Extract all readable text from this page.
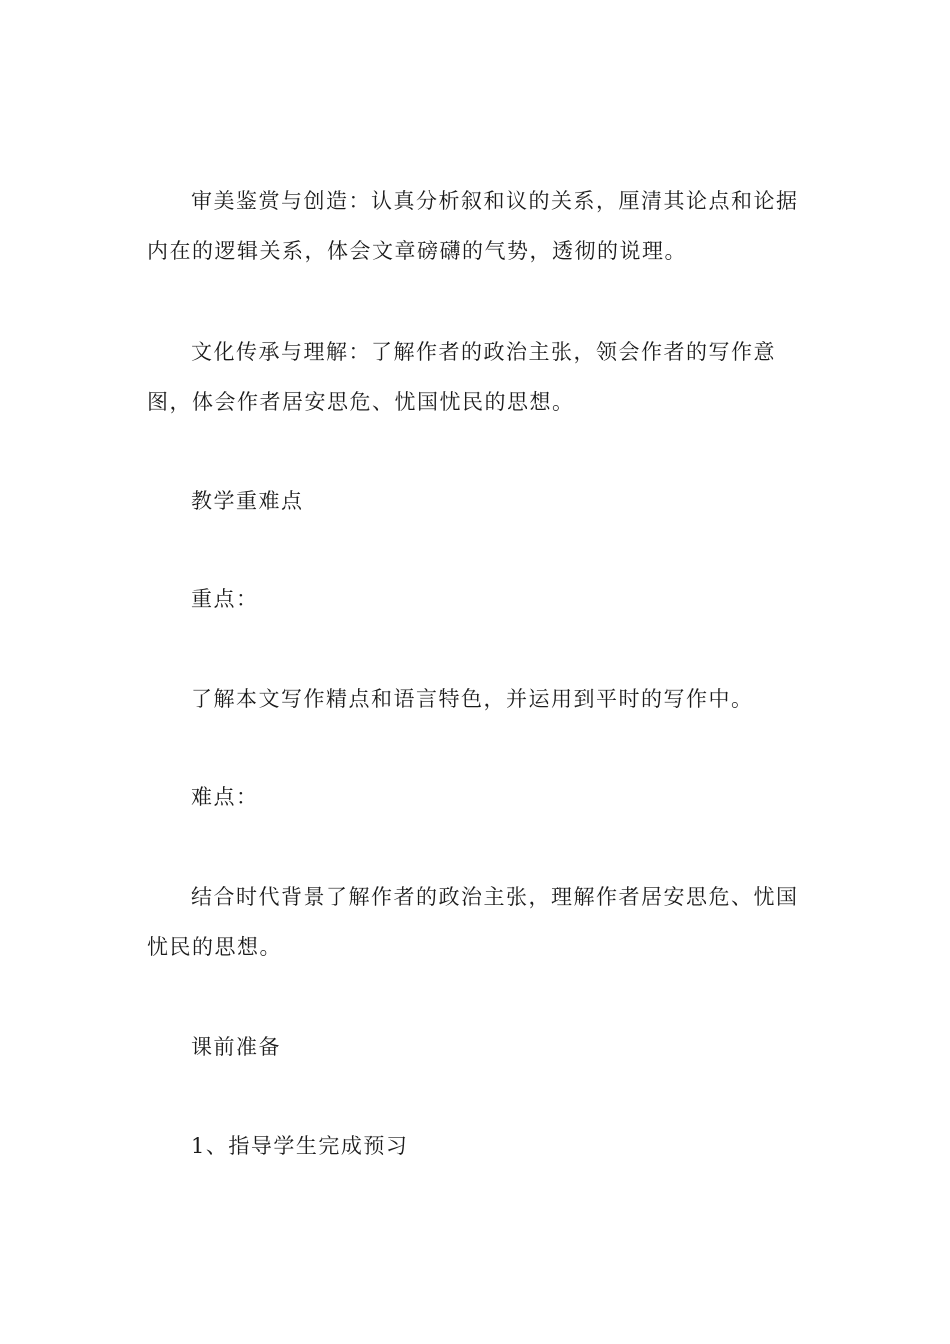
审美鉴赏与创造：认真分析叙和议的关系，厘清其论点和论据内在的逻辑关系，体会文章磅礴的气势，透彻的说理。

文化传承与理解：了解作者的政治主张，领会作者的写作意图，体会作者居安思危、忧国忧民的思想。

教学重难点

重点：

了解本文写作精点和语言特色，并运用到平时的写作中。

难点：

结合时代背景了解作者的政治主张，理解作者居安思危、忧国忧民的思想。

课前准备

1、指导学生完成预习
